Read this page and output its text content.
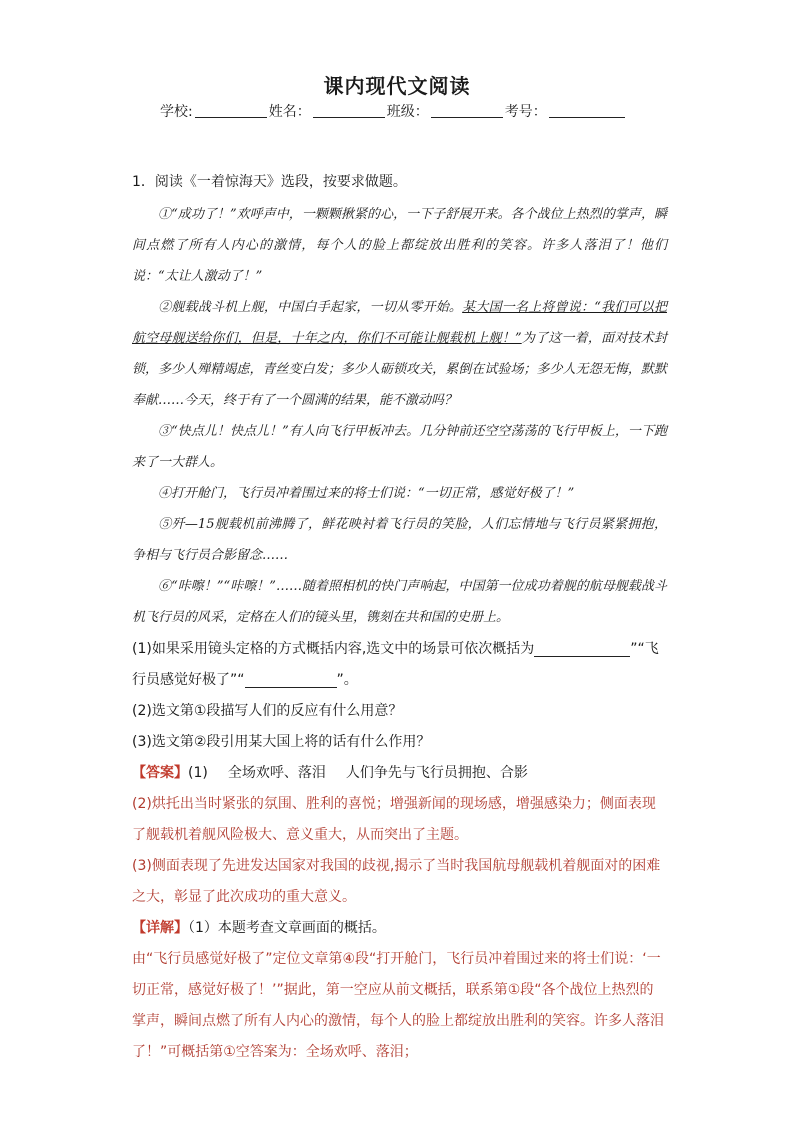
课内现代文阅读
学校:	姓名：	班级：	考号：
1．阅读《一着惊海天》选段，按要求做题。
①“成功了！”欢呼声中，一颗颗揪紧的心，一下子舒展开来。各个战位上热烈的掌声，瞬间点燃了所有人内心的激情，每个人的脸上都绽放出胜利的笑容。许多人落泪了！他们说：“太让人激动了！”
②舰载战斗机上舰，中国白手起家，一切从零开始。某大国一名上将曾说：“我们可以把航空母舰送给你们，但是，十年之内，你们不可能让舰载机上舰！”为了这一着，面对技术封锁，多少人殚精竭虑，青丝变白发；多少人砺锁攻关，累倒在试验场；多少人无怨无悔，默默奉献……今天，终于有了一个圆满的结果，能不激动吗？
③“快点儿！快点儿！”有人向飞行甲板冲去。几分钟前还空空荡荡的飞行甲板上，一下跑来了一大群人。
④打开舱门，飞行员冲着围过来的将士们说：“一切正常，感觉好极了！”
⑤歼—15舰载机前沸腾了，鲜花映衬着飞行员的笑脸，人们忘情地与飞行员紧紧拥抱，争相与飞行员合影留念……
⑥“咔嚓！”“咔嚓！”……随着照相机的快门声响起，中国第一位成功着舰的航母舰载战斗机飞行员的风采，定格在人们的镜头里，镌刻在共和国的史册上。
(1)如果采用镜头定格的方式概括内容,选文中的场景可依次概括为	”“飞
行员感觉好极了”“	”。
(2)选文第①段描写人们的反应有什么用意？
(3)选文第②段引用某大国上将的话有什么作用？
【答案】(1) 全场欢呼、落泪 人们争先与飞行员拥抱、合影
(2)烘托出当时紧张的氛围、胜利的喜悦；增强新闻的现场感，增强感染力；侧面表现了舰载机着舰风险极大、意义重大，从而突出了主题。
(3)侧面表现了先进发达国家对我国的歧视,揭示了当时我国航母舰载机着舰面对的困难之大，彰显了此次成功的重大意义。
【详解】（1）本题考查文章画面的概括。
由“飞行员感觉好极了”定位文章第④段“打开舱门，飞行员冲着围过来的将士们说：‘一切正常，感觉好极了！’”据此，第一空应从前文概括，联系第①段“各个战位上热烈的掌声，瞬间点燃了所有人内心的激情，每个人的脸上都绽放出胜利的笑容。许多人落泪了！”可概括第①空答案为：全场欢呼、落泪；
